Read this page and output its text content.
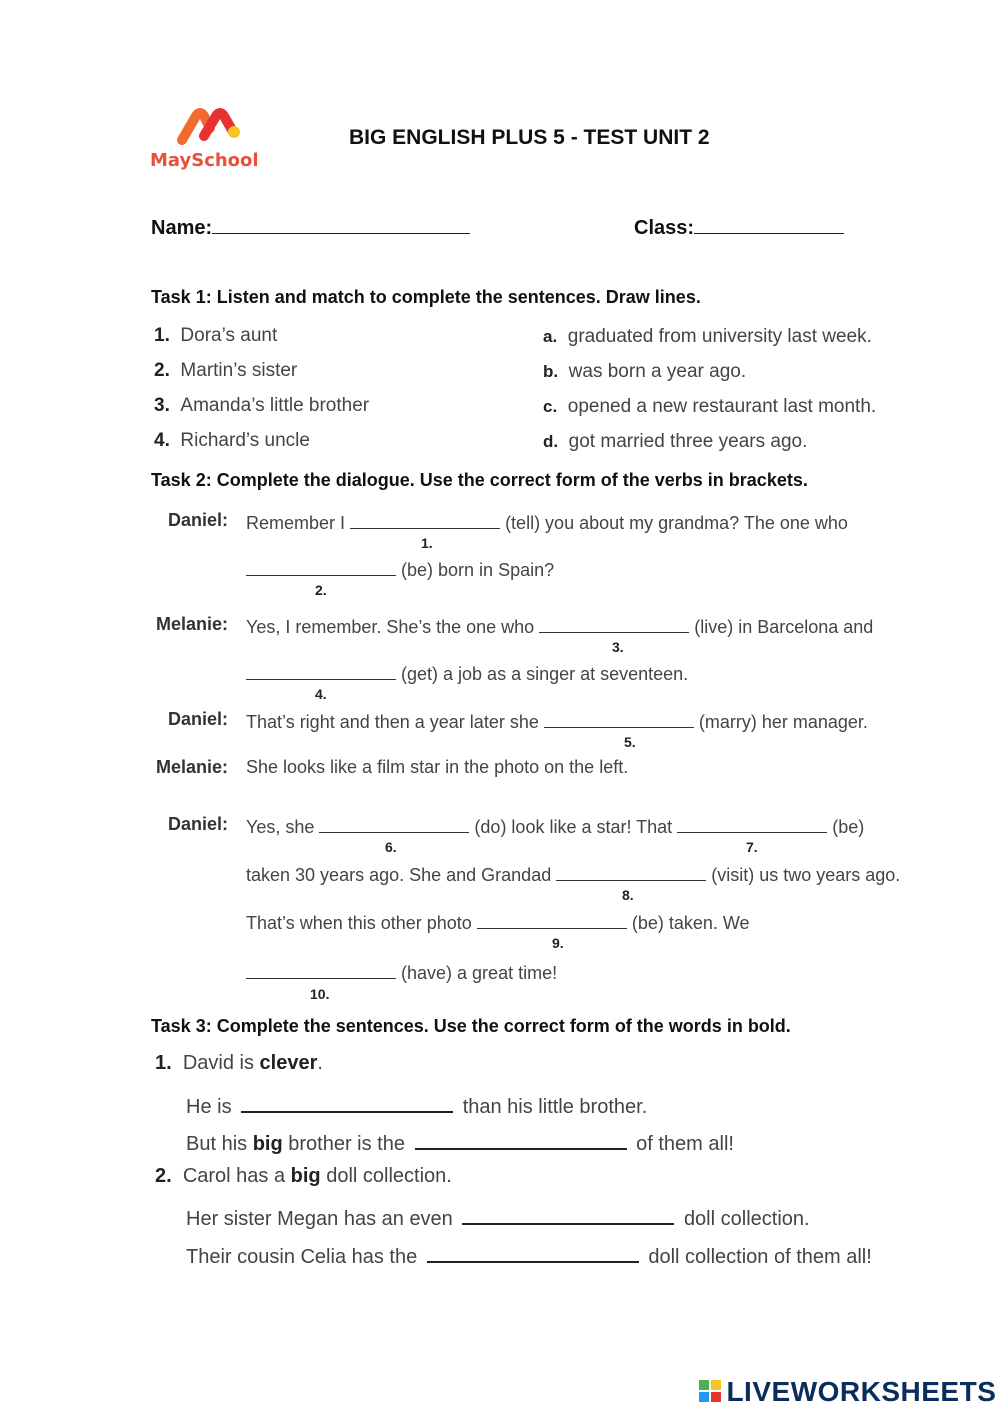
MaySchool
BIG ENGLISH PLUS 5 - TEST UNIT 2
Name:	Class:
Task 1: Listen and match to complete the sentences. Draw lines.
1. Dora’s aunt
2. Martin’s sister
3. Amanda’s little brother
4. Richard’s uncle
a. graduated from university last week.
b. was born a year ago.
c. opened a new restaurant last month.
d. got married three years ago.
Task 2: Complete the dialogue. Use the correct form of the verbs in brackets.
Daniel: Remember I	(tell) you about my grandma? The one who
1.
(be) born in Spain?
2.
Melanie: Yes, I remember. She’s the one who	(live) in Barcelona and
3.
(get) a job as a singer at seventeen.
4.
Daniel: That’s right and then a year later she	(marry) her manager.
5.
Melanie: She looks like a film star in the photo on the left.
Daniel: Yes, she	(do) look like a star! That	(be)
6.	7.
taken 30 years ago. She and Grandad	(visit) us two years ago.
8.
That’s when this other photo	(be) taken. We
9.
(have) a great time!
10.
Task 3: Complete the sentences. Use the correct form of the words in bold.
1. David is clever.
He is	than his little brother.
But his big brother is the	of them all!
2. Carol has a big doll collection.
Her sister Megan has an even	doll collection.
Their cousin Celia has the	doll collection of them all!
LIVEWORKSHEETS
